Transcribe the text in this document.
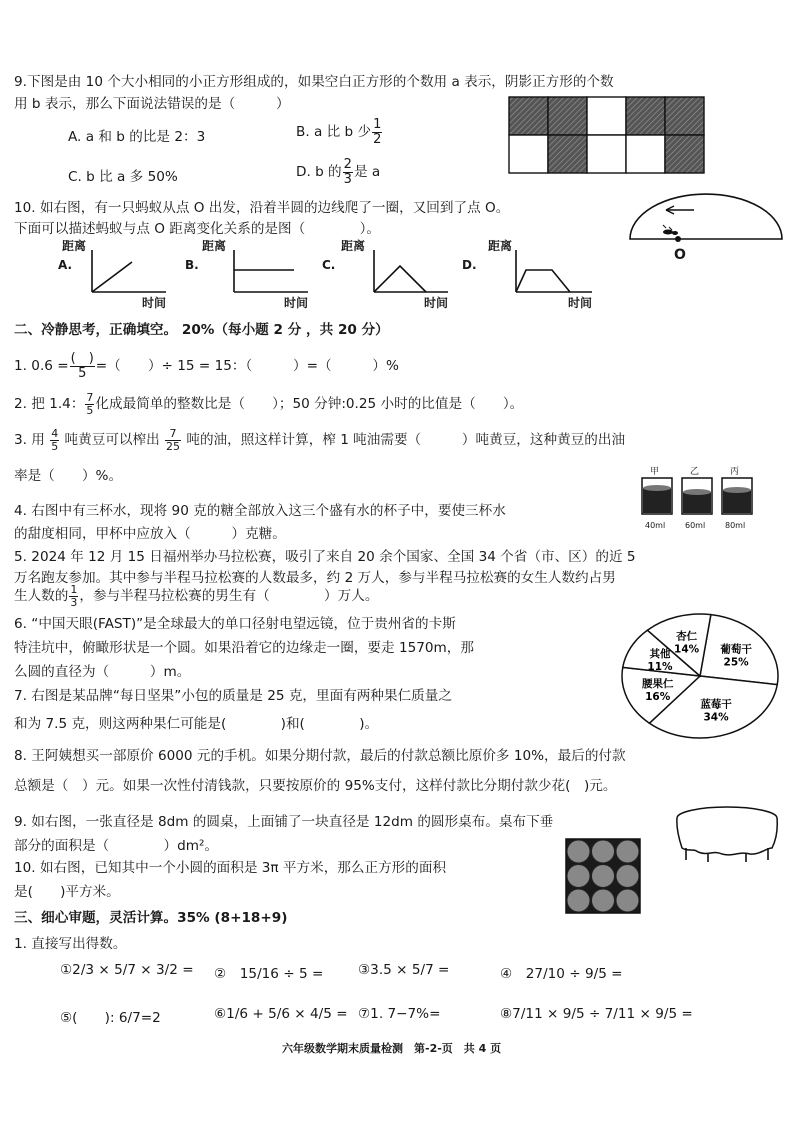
9.下图是由 10 个大小相同的小正方形组成的，如果空白正方形的个数用 a 表示，阴影正方形的个数
用 b 表示，那么下面说法错误的是（　　　）
A. a 和 b 的比是 2：3	B. a 比 b 少 $\frac{1}{2}$
C. b 比 a 多 50%	D. b 的 $\frac{2}{3}$ 是 a
10. 如右图，有一只蚂蚁从点 O 出发，沿着半圆的边线爬了一圈，又回到了点 O。
下面可以描述蚂蚁与点 O 距离变化关系的是图（　　　　）。
O
A.
距离
时间
B.
距离
时间
C.
距离
时间
D.
距离
时间
二、冷静思考，正确填空。 20%（每小题 2 分 ，共 20 分）
1. $0.6 = \frac{( )}{5}$ =（　　）÷ 15 = 15：（　　　）=（　　　）%
2. 把 1.4： $\frac{7}{5}$ 化成最简单的整数比是（　　）；50 分钟:0.25 小时的比值是（　　）。
3. 用 $\frac{4}{5}$ 吨黄豆可以榨出 $\frac{7}{25}$ 吨的油，照这样计算，榨 1 吨油需要（　　　）吨黄豆，这种黄豆的出油
率是（　　）%。	甲	乙	丙
40ml 60ml 80ml
4. 右图中有三杯水，现将 90 克的糖全部放入这三个盛有水的杯子中，要使三杯水
的甜度相同，甲杯中应放入（　　　）克糖。
5. 2024 年 12 月 15 日福州举办马拉松赛，吸引了来自 20 余个国家、全国 34 个省（市、区）的近 5
万名跑友参加。其中参与半程马拉松赛的人数最多，约 2 万人，参与半程马拉松赛的女生人数约占男
生人数的 $\frac{1}{3}$ ，参与半程马拉松赛的男生有（　　　　）万人。
6. “中国天眼(FAST)”是全球最大的单口径射电望远镜，位于贵州省的卡斯
特洼坑中，俯瞰形状是一个圆。如果沿着它的边缘走一圈，要走 1570m，那
么圆的直径为（　　　）m。
7. 右图是某品牌“每日坚果”小包的质量是 25 克，里面有两种果仁质量之
和为 7.5 克，则这两种果仁可能是(　　　　)和(　　　　)。
葡萄干
25%
蓝莓干
34%
腰果仁
16%
其他
11%
杏仁
14%
8. 王阿姨想买一部原价 6000 元的手机。如果分期付款，最后的付款总额比原价多 10%，最后的付款
总额是（　）元。如果一次性付清钱款，只要按原价的 95%支付，这样付款比分期付款少花(　)元。
9. 如右图，一张直径是 8dm 的圆桌，上面铺了一块直径是 12dm 的圆形桌布。桌布下垂
部分的面积是（　　　　）dm²。
10. 如右图，已知其中一个小圆的面积是 3π 平方米，那么正方形的面积
是(　　)平方米。
三、细心审题，灵活计算。35% (8+18+9)
1. 直接写出得数。
①2/3 × 5/7 × 3/2 = ②　15/16 ÷ 5 =	③3.5 × 5/7 =	④　27/10 ÷ 9/5 =
⑤(　　): 6/7=2	⑥1/6 + 5/6 × 4/5 = ⑦1. 7−7%=	⑧7/11 × 9/5 ÷ 7/11 × 9/5 =
六年级数学期末质量检测　第-2-页　共 4 页
